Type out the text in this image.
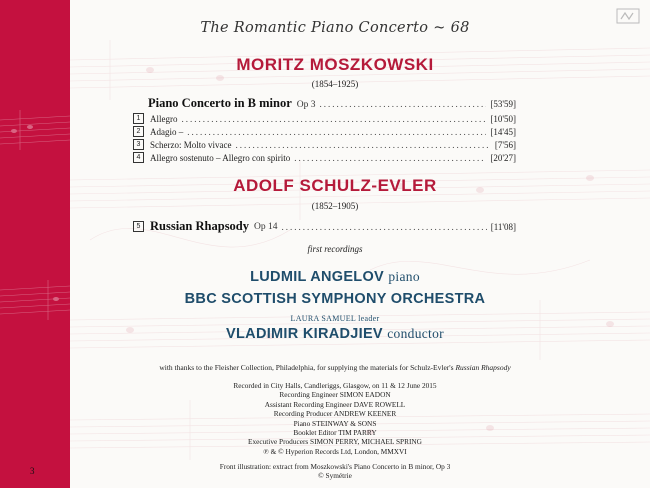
3
The Romantic Piano Concerto ~ 68
MORITZ MOSZKOWSKI
(1854–1925)
Piano Concerto in B minor Op 3 .....	[53'59]
1	Allegro .....	[10'50]
2	Adagio – .....	[14'45]
3	Scherzo: Molto vivace .....	[7'56]
4	Allegro sostenuto – Allegro con spirito .....	[20'27]
ADOLF SCHULZ-EVLER
(1852–1905)
5 Russian Rhapsody Op 14 .....	[11'08]
first recordings
LUDMIL ANGELOV piano
BBC SCOTTISH SYMPHONY ORCHESTRA
LAURA SAMUEL leader
VLADIMIR KIRADJIEV conductor
with thanks to the Fleisher Collection, Philadelphia, for supplying the materials for Schulz-Evler's Russian Rhapsody
Recorded in City Halls, Candleriggs, Glasgow, on 11 & 12 June 2015
Recording Engineer SIMON EADON
Assistant Recording Engineer DAVE ROWELL
Recording Producer ANDREW KEENER
Piano STEINWAY & SONS
Booklet Editor TIM PARRY
Executive Producers SIMON PERRY, MICHAEL SPRING
℗ & © Hyperion Records Ltd, London, MMXVI
Front illustration: extract from Moszkowski's Piano Concerto in B minor, Op 3
© Symétrie
